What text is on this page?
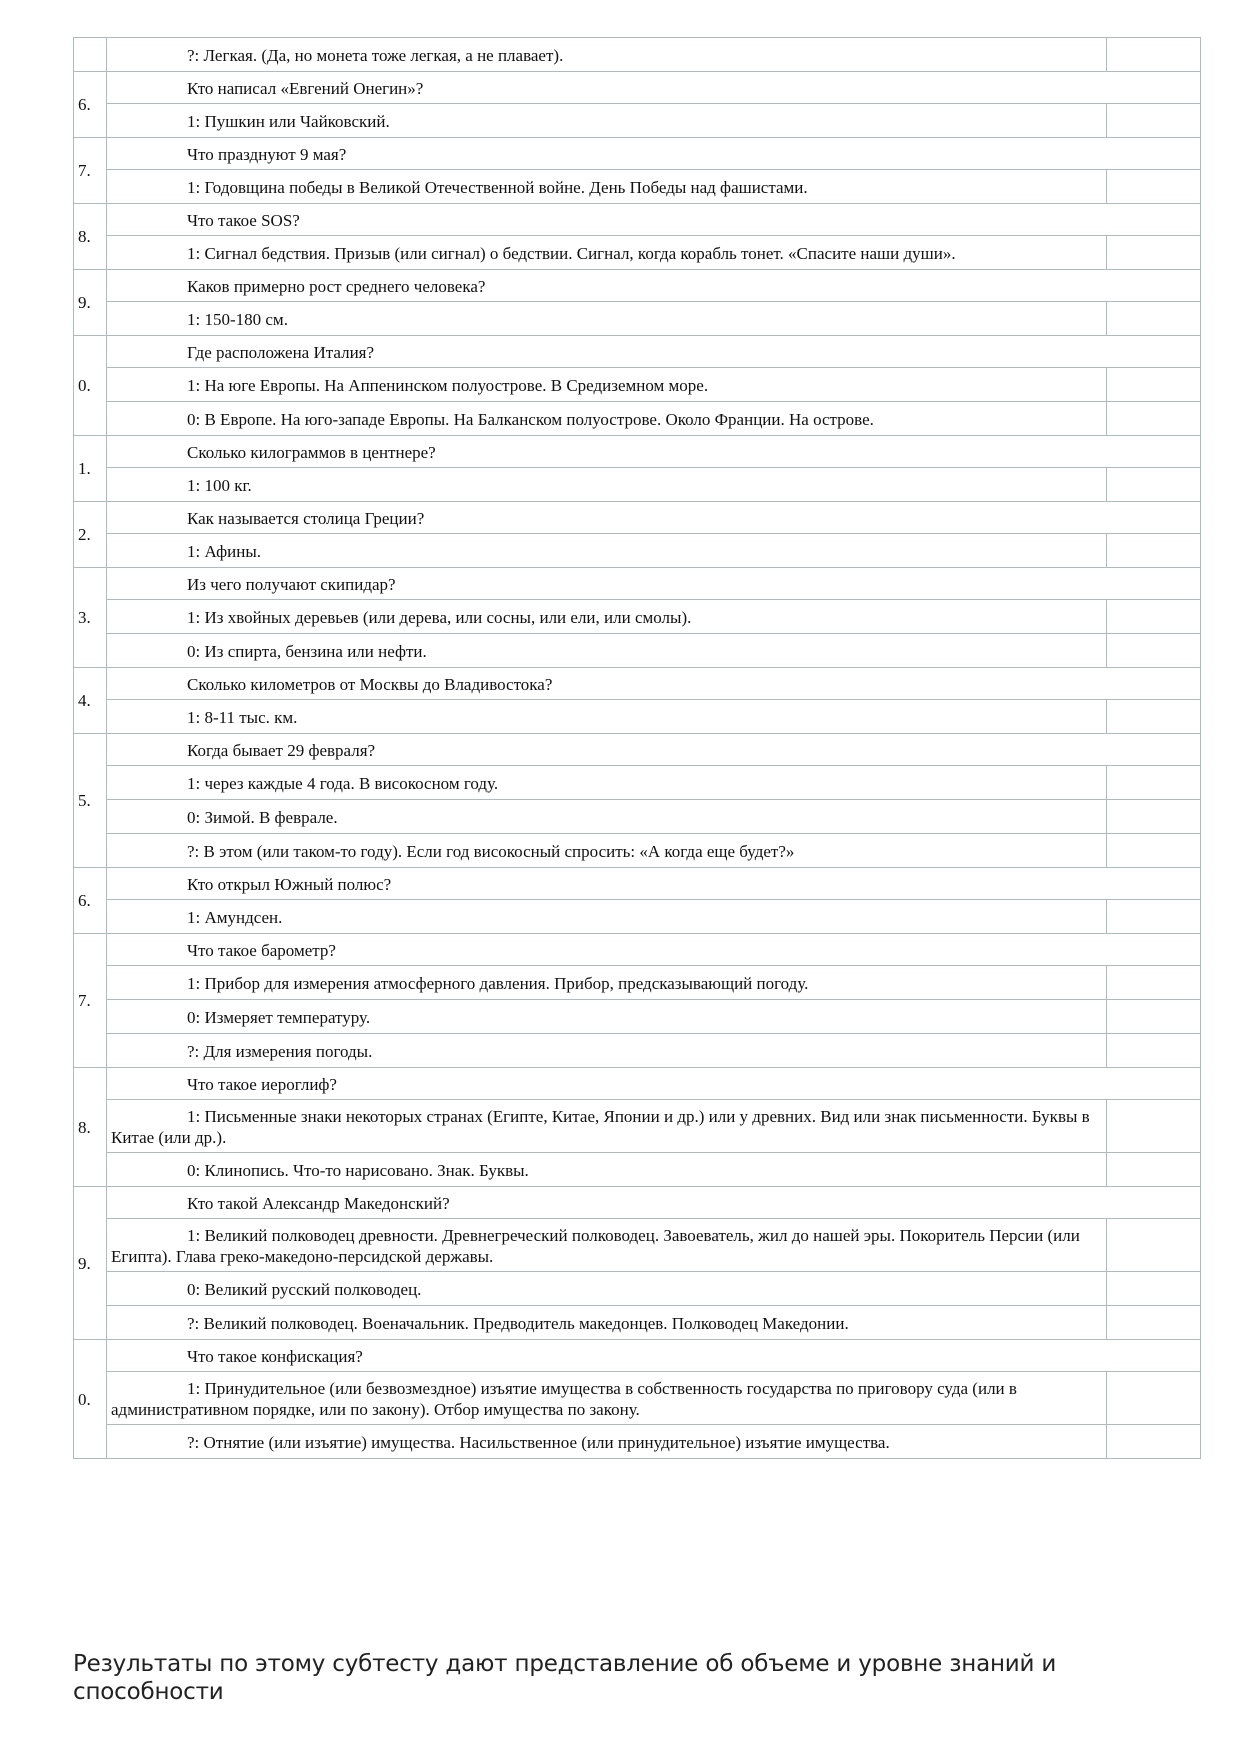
	?: Легкая. (Да, но монета тоже легкая, а не плавает).	
6.	Кто написал «Евгений Онегин»?	
	1: Пушкин или Чайковский.	
7.	Что празднуют 9 мая?	
	1: Годовщина победы в Великой Отечественной войне. День Победы над фашистами.	
8.	Что такое SOS?	
	1: Сигнал бедствия. Призыв (или сигнал) о бедствии. Сигнал, когда корабль тонет. «Спасите наши души».	
9.	Каков примерно рост среднего человека?	
	1: 150-180 см.	
0.	Где расположена Италия?	
	1: На юге Европы. На Аппенинском полуострове. В Средиземном море.	
	0: В Европе. На юго-западе Европы. На Балканском полуострове. Около Франции. На острове.	
1.	Сколько килограммов в центнере?	
	1: 100 кг.	
2.	Как называется столица Греции?	
	1: Афины.	
3.	Из чего получают скипидар?	
	1: Из хвойных деревьев (или дерева, или сосны, или ели, или смолы).	
	0: Из спирта, бензина или нефти.	
4.	Сколько километров от Москвы до Владивостока?	
	1: 8-11 тыс. км.	
5.	Когда бывает 29 февраля?	
	1: через каждые 4 года. В високосном году.	
	0: Зимой. В феврале.	
	?: В этом (или таком-то году). Если год високосный спросить: «А когда еще будет?»	
6.	Кто открыл Южный полюс?	
	1: Амундсен.	
7.	Что такое барометр?	
	1: Прибор для измерения атмосферного давления. Прибор, предсказывающий погоду.	
	0: Измеряет температуру.	
	?: Для измерения погоды.	
8.	Что такое иероглиф?	
	1: Письменные знаки некоторых странах (Египте, Китае, Японии и др.) или у древних. Вид или знак письменности. Буквы в Китае (или др.).	
	0: Клинопись. Что-то нарисовано. Знак. Буквы.	
9.	Кто такой Александр Македонский?	
	1: Великий полководец древности. Древнегреческий полководец. Завоеватель, жил до нашей эры. Покоритель Персии (или Египта). Глава греко-македоно-персидской державы.	
	0: Великий русский полководец.	
	?: Великий полководец. Военачальник. Предводитель македонцев. Полководец Македонии.	
0.	Что такое конфискация?	
	1: Принудительное (или безвозмездное) изъятие имущества в собственность государства по приговору суда (или в административном порядке, или по закону). Отбор имущества по закону.	
	?: Отнятие (или изъятие) имущества. Насильственное (или принудительное) изъятие имущества.	
Результаты по этому субтесту дают представление об объеме и уровне знаний и способности
